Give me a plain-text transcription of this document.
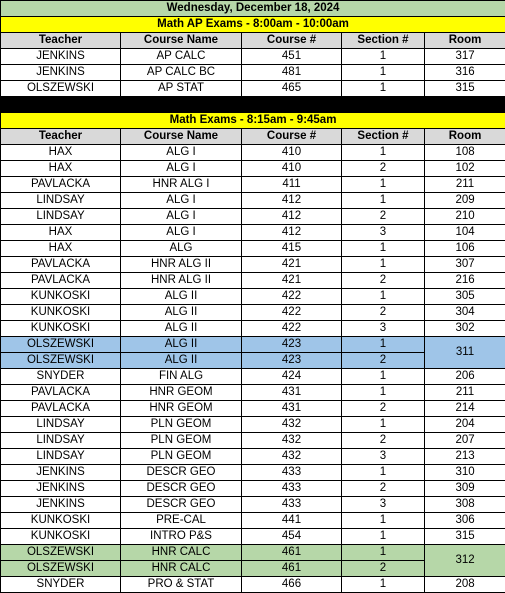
Wednesday, December 18, 2024				
Math AP Exams - 8:00am - 10:00am				
Teacher	Course Name	Course #	Section #	Room
JENKINS	AP CALC	451	1	317
JENKINS	AP CALC BC	481	1	316
OLSZEWSKI	AP STAT	465	1	315

Math Exams - 8:15am - 9:45am				
Teacher	Course Name	Course #	Section #	Room
HAX	ALG I	410	1	108
HAX	ALG I	410	2	102
PAVLACKA	HNR ALG I	411	1	211
LINDSAY	ALG I	412	1	209
LINDSAY	ALG I	412	2	210
HAX	ALG I	412	3	104
HAX	ALG	415	1	106
PAVLACKA	HNR ALG II	421	1	307
PAVLACKA	HNR ALG II	421	2	216
KUNKOSKI	ALG II	422	1	305
KUNKOSKI	ALG II	422	2	304
KUNKOSKI	ALG II	422	3	302
OLSZEWSKI	ALG II	423	1	311
OLSZEWSKI	ALG II	423	2	
SNYDER	FIN ALG	424	1	206
PAVLACKA	HNR GEOM	431	1	211
PAVLACKA	HNR GEOM	431	2	214
LINDSAY	PLN GEOM	432	1	204
LINDSAY	PLN GEOM	432	2	207
LINDSAY	PLN GEOM	432	3	213
JENKINS	DESCR GEO	433	1	310
JENKINS	DESCR GEO	433	2	309
JENKINS	DESCR GEO	433	3	308
KUNKOSKI	PRE-CAL	441	1	306
KUNKOSKI	INTRO P&S	454	1	315
OLSZEWSKI	HNR CALC	461	1	312
OLSZEWSKI	HNR CALC	461	2	
SNYDER	PRO & STAT	466	1	208
